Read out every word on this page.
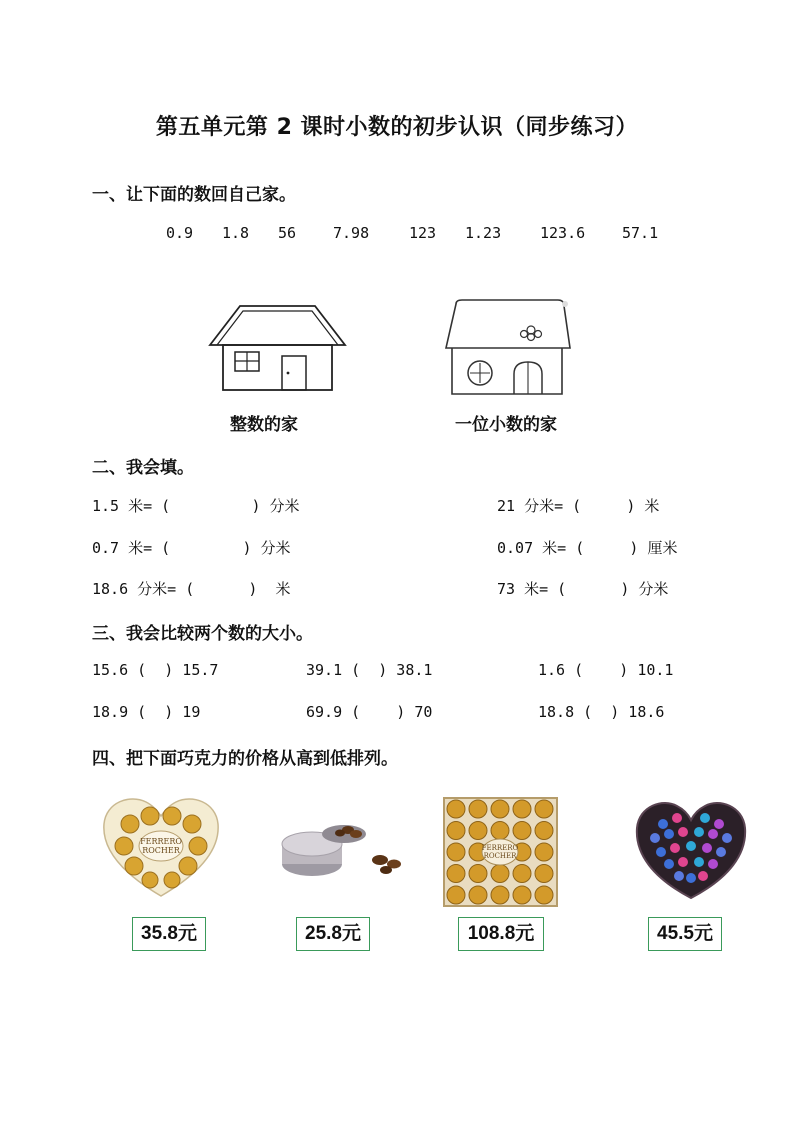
第五单元第 2 课时小数的初步认识（同步练习）
一、让下面的数回自己家。
0.9 1.8 56 7.98	123 1.23	123.6 57.1
整数的家	一位小数的家
二、我会填。
1.5 米= (         ) 分米	21 分米= (     ) 米
0.7 米= (        ) 分米	0.07 米= (     ) 厘米
18.6 分米= (      )  米	73 米= (      ) 分米
三、我会比较两个数的大小。
15.6 (  ) 15.7	39.1 (  ) 38.1	1.6 (    ) 10.1
18.9 (  ) 19	69.9 (    ) 70	18.8 (  ) 18.6
四、把下面巧克力的价格从高到低排列。
FERRERO
ROCHER	FERRERO
ROCHER
35.8元	25.8元	108.8元	45.5元
